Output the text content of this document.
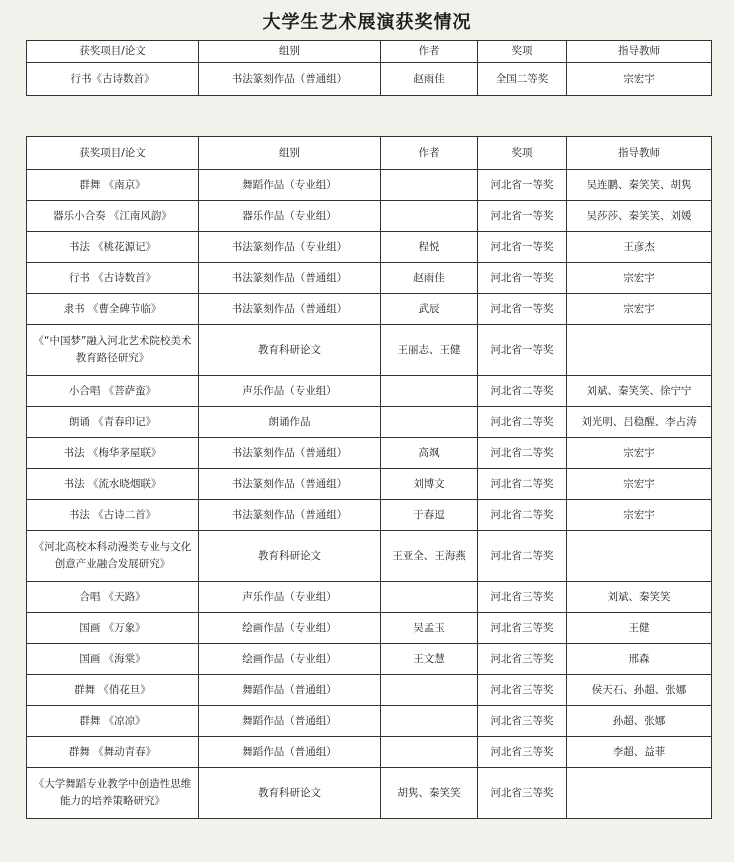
大学生艺术展演获奖情况
获奖项目/论文	组别	作者	奖项	指导教师
行书《古诗数首》	书法篆刻作品（普通组）	赵雨佳	全国二等奖	宗宏宇
获奖项目/论文	组别	作者	奖项	指导教师
群舞 《南京》	舞蹈作品（专业组）		河北省一等奖	吴连鹏、秦笑笑、胡隽
器乐小合奏 《江南风韵》	器乐作品（专业组）		河北省一等奖	吴莎莎、秦笑笑、刘媛
书法 《桃花源记》	书法篆刻作品（专业组）	程悦	河北省一等奖	王彦杰
行书 《古诗数首》	书法篆刻作品（普通组）	赵雨佳	河北省一等奖	宗宏宇
隶书 《曹全碑节临》	书法篆刻作品（普通组）	武辰	河北省一等奖	宗宏宇
《“中国梦”融入河北艺术院校美术教育路径研究》	教育科研论文	王丽志、王健	河北省一等奖	
小合唱 《菩萨蛮》	声乐作品（专业组）		河北省二等奖	刘斌、秦笑笑、徐宁宁
朗诵 《青春印记》	朗诵作品		河北省二等奖	刘光明、吕稳醒、李占涛
书法 《梅华茅屋联》	书法篆刻作品（普通组）	高飒	河北省二等奖	宗宏宇
书法 《流水晓烟联》	书法篆刻作品（普通组）	刘博文	河北省二等奖	宗宏宇
书法 《古诗二首》	书法篆刻作品（普通组）	于春逗	河北省二等奖	宗宏宇
《河北高校本科动漫类专业与文化创意产业融合发展研究》	教育科研论文	王亚全、王海燕	河北省二等奖	
合唱 《天路》	声乐作品（专业组）		河北省三等奖	刘斌、秦笑笑
国画 《万象》	绘画作品（专业组）	吴孟玉	河北省三等奖	王健
国画 《海棠》	绘画作品（专业组）	王文慧	河北省三等奖	邢森
群舞 《俏花旦》	舞蹈作品（普通组）		河北省三等奖	侯天石、孙超、张娜
群舞 《凉凉》	舞蹈作品（普通组）		河北省三等奖	孙超、张娜
群舞 《舞动青春》	舞蹈作品（普通组）		河北省三等奖	李超、益菲
《大学舞蹈专业教学中创造性思维能力的培养策略研究》	教育科研论文	胡隽、秦笑笑	河北省三等奖	
